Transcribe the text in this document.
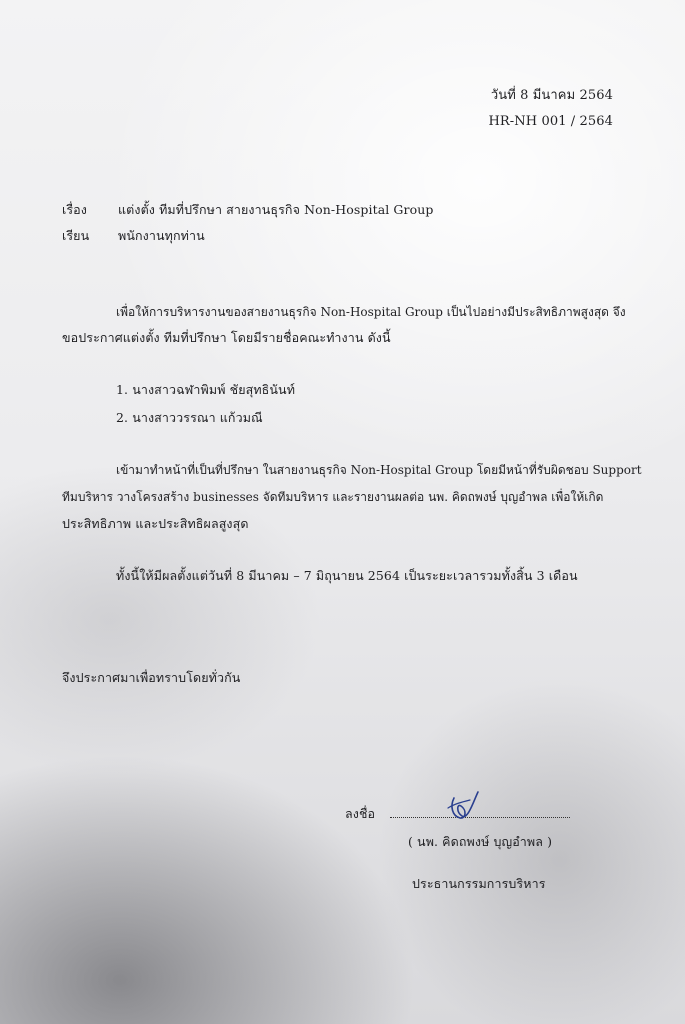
วันที่ 8 มีนาคม 2564
HR-NH 001 / 2564
เรื่อง แต่งตั้ง ทีมที่ปรึกษา สายงานธุรกิจ Non-Hospital Group
เรียน พนักงานทุกท่าน
เพื่อให้การบริหารงานของสายงานธุรกิจ Non-Hospital Group เป็นไปอย่างมีประสิทธิภาพสูงสุด จึง
ขอประกาศแต่งตั้ง ทีมที่ปรึกษา โดยมีรายชื่อคณะทำงาน ดังนี้
1. นางสาวฉฬาพิมพ์ ชัยสุทธินันท์
2. นางสาววรรณา แก้วมณี
เข้ามาทำหน้าที่เป็นที่ปรึกษา ในสายงานธุรกิจ Non-Hospital Group โดยมีหน้าที่รับผิดชอบ Support
ทีมบริหาร วางโครงสร้าง businesses จัดทีมบริหาร และรายงานผลต่อ นพ. คิดถพงษ์ บุญอำพล เพื่อให้เกิด
ประสิทธิภาพ และประสิทธิผลสูงสุด
ทั้งนี้ให้มีผลตั้งแต่วันที่ 8 มีนาคม – 7 มิถุนายน 2564 เป็นระยะเวลารวมทั้งสิ้น 3 เดือน
จึงประกาศมาเพื่อทราบโดยทั่วกัน
ลงชื่อ
( นพ. คิดถพงษ์ บุญอำพล )
ประธานกรรมการบริหาร
